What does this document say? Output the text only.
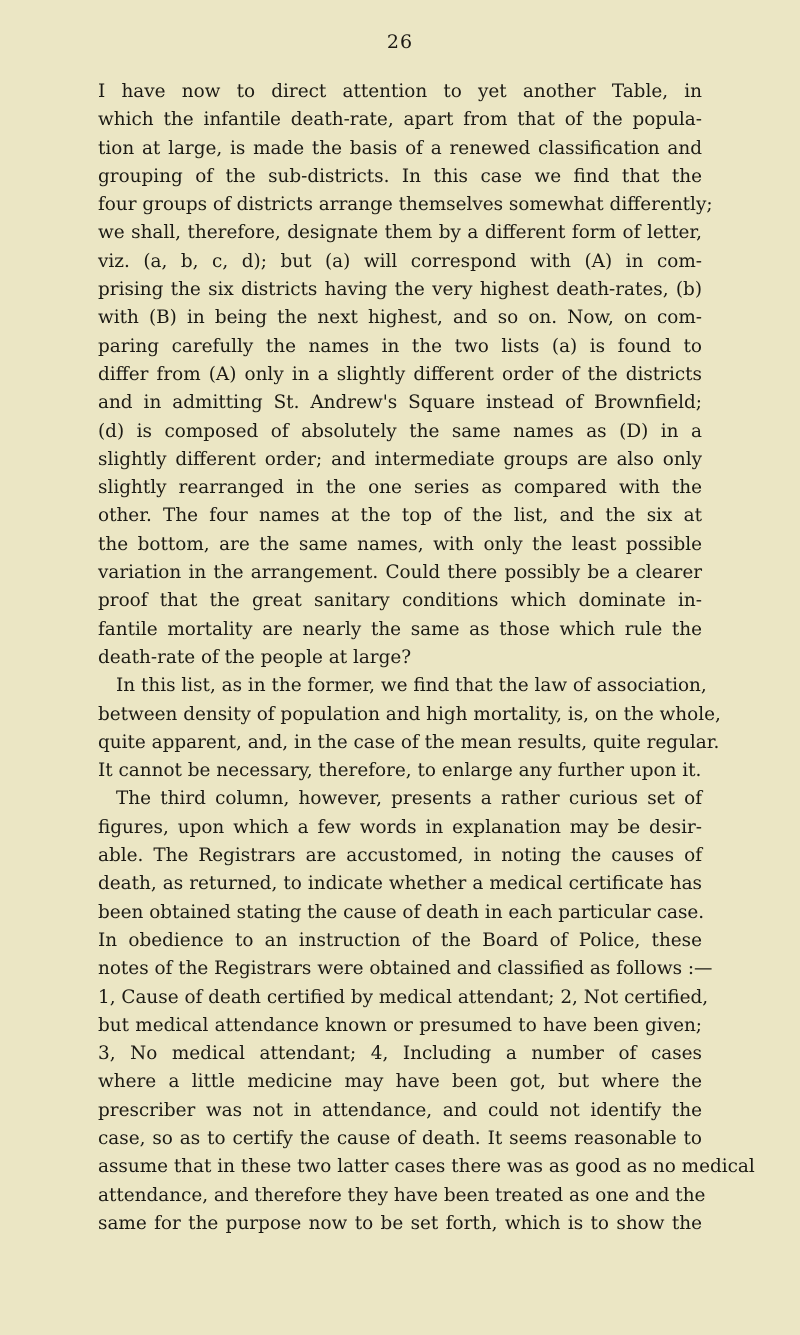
26
I have now to direct attention to yet another Table, in
which the infantile death-rate, apart from that of the popula-
tion at large, is made the basis of a renewed classification and
grouping of the sub-districts. In this case we find that the
four groups of districts arrange themselves somewhat differently;
we shall, therefore, designate them by a different form of letter,
viz. (a, b, c, d); but (a) will correspond with (A) in com-
prising the six districts having the very highest death-rates, (b)
with (B) in being the next highest, and so on. Now, on com-
paring carefully the names in the two lists (a) is found to
differ from (A) only in a slightly different order of the districts
and in admitting St. Andrew's Square instead of Brownfield;
(d) is composed of absolutely the same names as (D) in a
slightly different order; and intermediate groups are also only
slightly rearranged in the one series as compared with the
other. The four names at the top of the list, and the six at
the bottom, are the same names, with only the least possible
variation in the arrangement. Could there possibly be a clearer
proof that the great sanitary conditions which dominate in-
fantile mortality are nearly the same as those which rule the
death-rate of the people at large?
In this list, as in the former, we find that the law of association,
between density of population and high mortality, is, on the whole,
quite apparent, and, in the case of the mean results, quite regular.
It cannot be necessary, therefore, to enlarge any further upon it.
The third column, however, presents a rather curious set of
figures, upon which a few words in explanation may be desir-
able. The Registrars are accustomed, in noting the causes of
death, as returned, to indicate whether a medical certificate has
been obtained stating the cause of death in each particular case.
In obedience to an instruction of the Board of Police, these
notes of the Registrars were obtained and classified as follows :—
1, Cause of death certified by medical attendant; 2, Not certified,
but medical attendance known or presumed to have been given;
3, No medical attendant; 4, Including a number of cases
where a little medicine may have been got, but where the
prescriber was not in attendance, and could not identify the
case, so as to certify the cause of death. It seems reasonable to
assume that in these two latter cases there was as good as no medical
attendance, and therefore they have been treated as one and the
same for the purpose now to be set forth, which is to show the
